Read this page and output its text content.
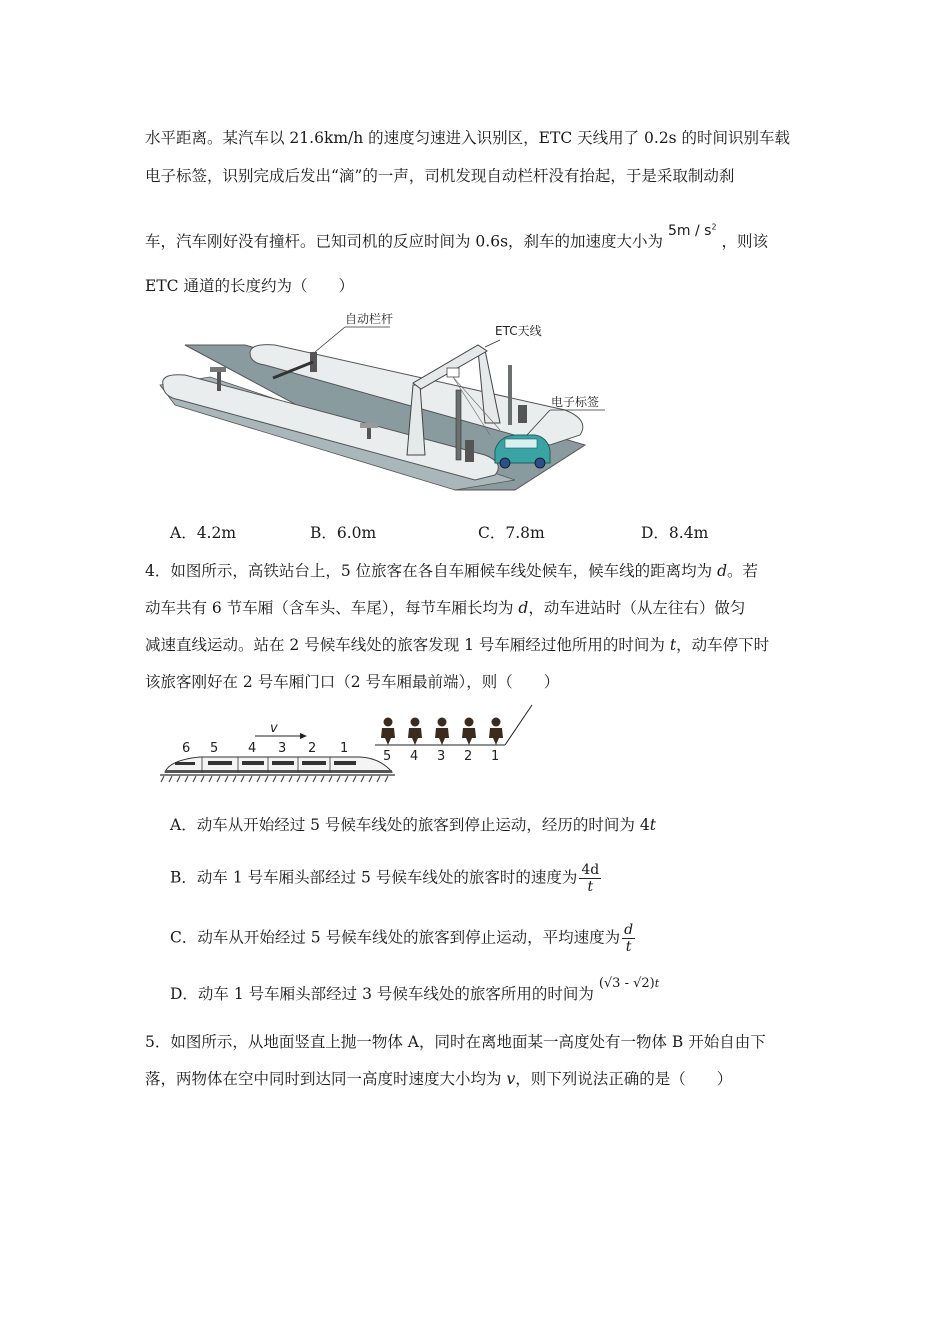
水平距离。某汽车以 21.6km/h 的速度匀速进入识别区，ETC 天线用了 0.2s 的时间识别车载
电子标签，识别完成后发出“滴”的一声，司机发现自动栏杆没有抬起，于是采取制动刹
车，汽车刚好没有撞杆。已知司机的反应时间为 0.6s，刹车的加速度大小为 $5m / s^2$ ，则该
ETC 通道的长度约为（　　）
自动栏杆
ETC天线
电子标签
A．4.2m	B．6.0m	C．7.8m	D．8.4m
4．如图所示，高铁站台上，5 位旅客在各自车厢候车线处候车，候车线的距离均为 d。若
动车共有 6 节车厢（含车头、车尾），每节车厢长均为 d，动车进站时（从左往右）做匀
减速直线运动。站在 2 号候车线处的旅客发现 1 号车厢经过他所用的时间为 t，动车停下时
该旅客刚好在 2 号车厢门口（2 号车厢最前端），则（　　）
v
6 5 4 3 2 1
5 4 3 2 1
A．动车从开始经过 5 号候车线处的旅客到停止运动，经历的时间为 4t
B．动车 1 号车厢头部经过 5 号候车线处的旅客时的速度为 $\frac{4d}{t}$
C．动车从开始经过 5 号候车线处的旅客到停止运动，平均速度为 $\frac{d}{t}$
D．动车 1 号车厢头部经过 3 号候车线处的旅客所用的时间为 $^{(√3 - √2)t}$
5．如图所示，从地面竖直上抛一物体 A，同时在离地面某一高度处有一物体 B 开始自由下
落，两物体在空中同时到达同一高度时速度大小均为 v，则下列说法正确的是（　　）
